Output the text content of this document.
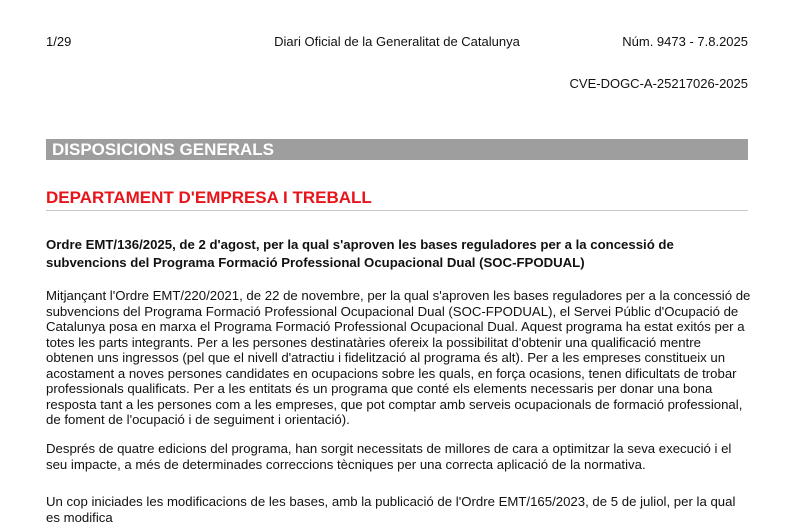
1/29	Diari Oficial de la Generalitat de Catalunya	Núm. 9473 - 7.8.2025
CVE-DOGC-A-25217026-2025
DISPOSICIONS GENERALS
DEPARTAMENT D'EMPRESA I TREBALL

Ordre EMT/136/2025, de 2 d'agost, per la qual s'aproven les bases reguladores per a la concessió de subvencions del Programa Formació Professional Ocupacional Dual (SOC-FPODUAL)

Mitjançant l'Ordre EMT/220/2021, de 22 de novembre, per la qual s'aproven les bases reguladores per a la concessió de subvencions del Programa Formació Professional Ocupacional Dual (SOC-FPODUAL), el Servei Públic d'Ocupació de Catalunya posa en marxa el Programa Formació Professional Ocupacional Dual. Aquest programa ha estat exitós per a totes les parts integrants. Per a les persones destinatàries ofereix la possibilitat d'obtenir una qualificació mentre obtenen uns ingressos (pel que el nivell d'atractiu i fidelització al programa és alt). Per a les empreses constitueix un acostament a noves persones candidates en ocupacions sobre les quals, en força ocasions, tenen dificultats de trobar professionals qualificats. Per a les entitats és un programa que conté els elements necessaris per donar una bona resposta tant a les persones com a les empreses, que pot comptar amb serveis ocupacionals de formació professional, de foment de l'ocupació i de seguiment i orientació).

Després de quatre edicions del programa, han sorgit necessitats de millores de cara a optimitzar la seva execució i el seu impacte, a més de determinades correccions tècniques per una correcta aplicació de la normativa.

Un cop iniciades les modificacions de les bases, amb la publicació de l'Ordre EMT/165/2023, de 5 de juliol, per la qual es modifica
